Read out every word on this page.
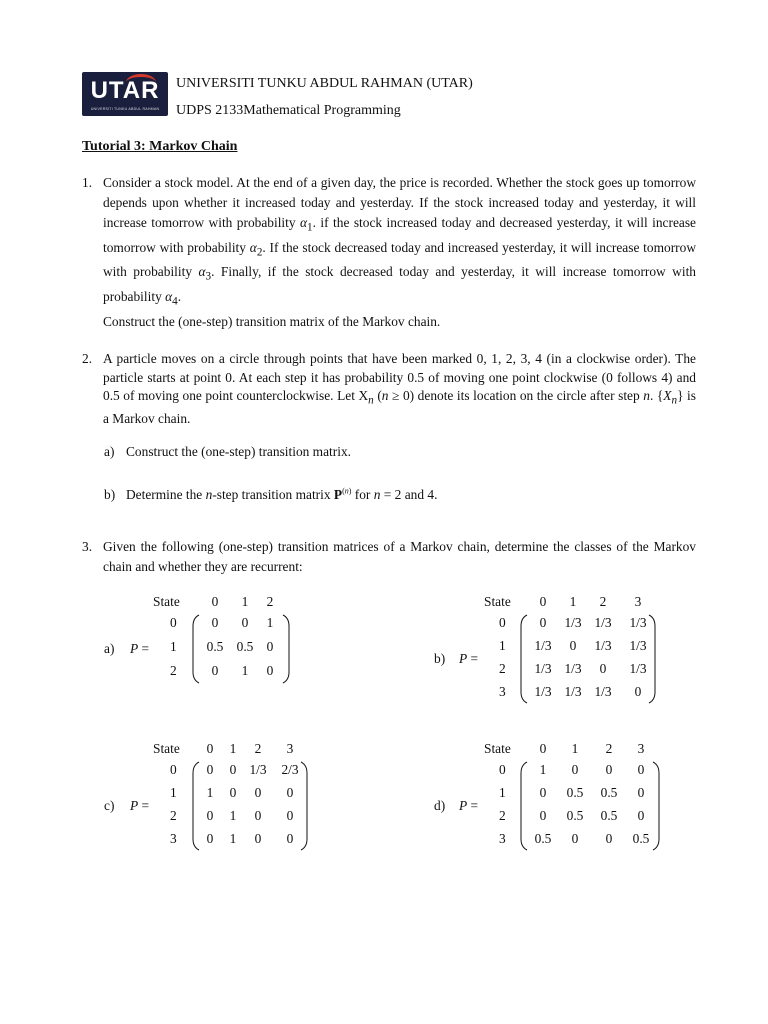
UTAR
UNIVERSITI TUNKU ABDUL RAHMAN
UNIVERSITI TUNKU ABDUL RAHMAN (UTAR)
UDPS 2133Mathematical Programming
Tutorial 3: Markov Chain
1. Consider a stock model. At the end of a given day, the price is recorded. Whether the stock goes up tomorrow depends upon whether it increased today and yesterday. If the stock increased today and yesterday, it will increase tomorrow with probability $\alpha_1$. if the stock increased today and decreased yesterday, it will increase tomorrow with probability $\alpha_2$. If the stock decreased today and increased yesterday, it will increase tomorrow with probability $\alpha_3$. Finally, if the stock decreased today and yesterday, it will increase tomorrow with probability $\alpha_4$.
Construct the (one-step) transition matrix of the Markov chain.
2. A particle moves on a circle through points that have been marked 0, 1, 2, 3, 4 (in a clockwise order). The particle starts at point 0. At each step it has probability 0.5 of moving one point clockwise (0 follows 4) and 0.5 of moving one point counterclockwise. Let $X_n$ (n ≥ 0) denote its location on the circle after step n. $\{X_n\}$ is a Markov chain.
a) Construct the (one-step) transition matrix.
b) Determine the n-step transition matrix $P^{(n)}$ for n = 2 and 4.
3. Given the following (one-step) transition matrices of a Markov chain, determine the classes of the Markov chain and whether they are recurrent:
State	0	1	2
0	0	0	1
1	0.5 0.5 0
2	0	1	0
a) P =
State	0	1	2	3
0	0	1/3 1/3	1/3
1	1/3	0	1/3	1/3
2	1/3 1/3	0	1/3
3	1/3 1/3 1/3	0
b) P =
State	0	1	2	3
0	0	0 1/3	2/3
1	1	0	0	0
2	0	1	0	0
3	0	1	0	0
c) P =
State	0	1	2	3
0	1	0	0	0
1	0	0.5	0.5	0
2	0	0.5	0.5	0
3	0.5	0	0	0.5
d) P =
